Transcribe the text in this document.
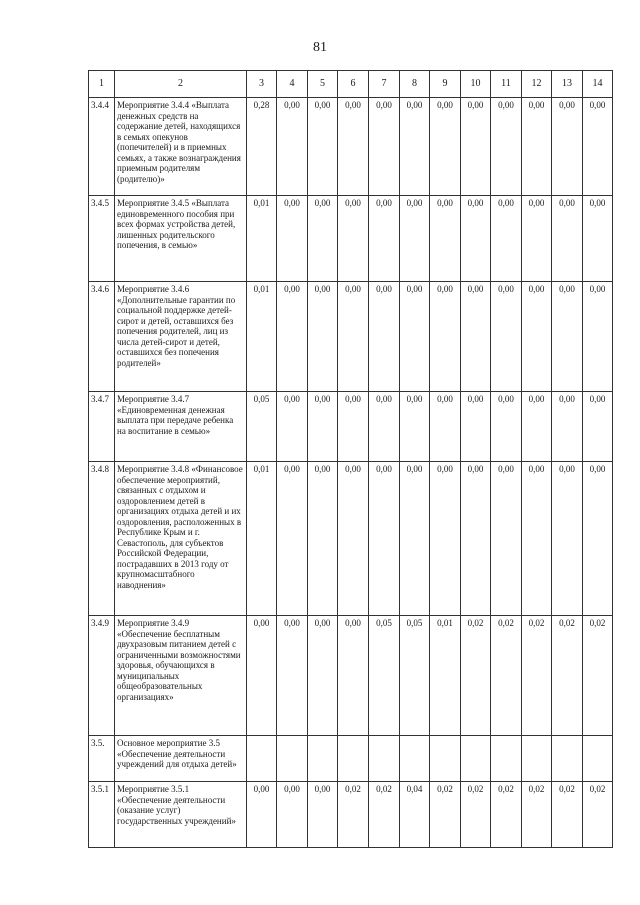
81
1	2	3	4	5	6	7	8	9	10	11	12	13	14
3.4.4	Мероприятие 3.4.4 «Выплата денежных средств на содержание детей, находящихся в семьях опекунов (попечителей) и в приемных семьях, а также вознаграждения приемным родителям (родителю)»	0,28	0,00	0,00	0,00	0,00	0,00	0,00	0,00	0,00	0,00	0,00	0,00
3.4.5	Мероприятие 3.4.5 «Выплата единовременного пособия при всех формах устройства детей, лишенных родительского попечения, в семью»	0,01	0,00	0,00	0,00	0,00	0,00	0,00	0,00	0,00	0,00	0,00	0,00
3.4.6	Мероприятие 3.4.6 «Дополнительные гарантии по социальной поддержке детей-сирот и детей, оставшихся без попечения родителей, лиц из числа детей-сирот и детей, оставшихся без попечения родителей»	0,01	0,00	0,00	0,00	0,00	0,00	0,00	0,00	0,00	0,00	0,00	0,00
3.4.7	Мероприятие 3.4.7 «Единовременная денежная выплата при передаче ребенка на воспитание в семью»	0,05	0,00	0,00	0,00	0,00	0,00	0,00	0,00	0,00	0,00	0,00	0,00
3.4.8	Мероприятие 3.4.8 «Финансовое обеспечение мероприятий, связанных с отдыхом и оздоровлением детей в организациях отдыха детей и их оздоровления, расположенных в Республике Крым и г. Севастополь, для субъектов Российской Федерации, пострадавших в 2013 году от крупномасштабного наводнения»	0,01	0,00	0,00	0,00	0,00	0,00	0,00	0,00	0,00	0,00	0,00	0,00
3.4.9	Мероприятие 3.4.9 «Обеспечение бесплатным двухразовым питанием детей с ограниченными возможностями здоровья, обучающихся в муниципальных общеобразовательных организациях»	0,00	0,00	0,00	0,00	0,05	0,05	0,01	0,02	0,02	0,02	0,02	0,02
3.5.	Основное мероприятие 3.5 «Обеспечение деятельности учреждений для отдыха детей»												
3.5.1	Мероприятие 3.5.1 «Обеспечение деятельности (оказание услуг) государственных учреждений»	0,00	0,00	0,00	0,02	0,02	0,04	0,02	0,02	0,02	0,02	0,02	0,02
